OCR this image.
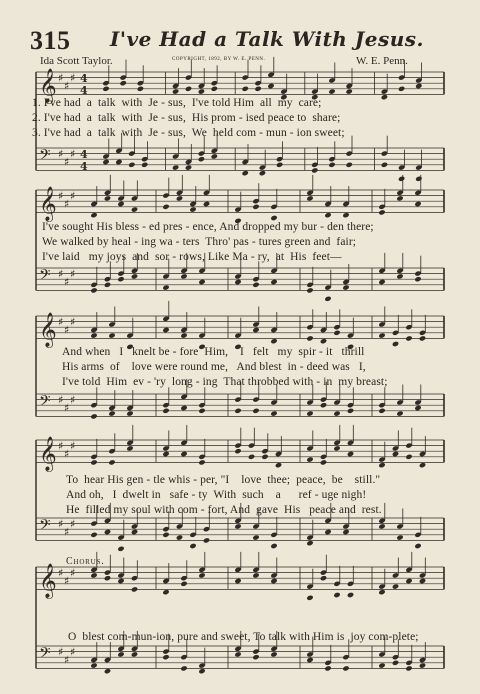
𝄞 ♯
♯
♯ 4
4
𝄢 ♯
♯
♯ 4
4
𝄞 ♯
♯
♯
𝄢 ♯
♯
♯
𝄞 ♯
♯
♯
𝄢 ♯
♯
♯
𝄞 ♯
♯
♯
𝄢 ♯
♯
♯
𝄞 ♯
♯
♯
𝄢 ♯
♯
♯
315 I've Had a Talk With Jesus.
Ida Scott Taylor.	COPYRIGHT, 1892, BY W. E. PENN.	W. E. Penn.
1. I've had  a  talk  with  Je - sus,  I've told Him  all  my  care;
2. I've had  a  talk  with  Je - sus,  His prom - ised peace to  share;
3. I've had  a  talk  with  Je - sus,  We  held com - mun - ion sweet;
I've sought His bless - ed pres - ence, And dropped my bur - den there;
We walked by heal - ing wa - ters  Thro' pas - tures green and  fair;
I've laid   my joys  and  sor - rows, Like Ma - ry,  at  His  feet—
And when   I   knelt be - fore  Him,    I   felt   my  spir - it   thrill
His arms  of    love were round me,   And blest  in - deed was   I,
I've told  Him  ev - 'ry  long - ing  That throbbed with - in  my breast;
To  hear His gen - tle whis - per, "I    love  thee;  peace,  be    still."
And oh,   I  dwelt in   safe - ty  With  such    a      ref - uge nigh!
He  filled my soul with com - fort, And  gave  His   peace and  rest.
Chorus.
O  blest com-mun-ion, pure and sweet, To talk with Him is  joy com-plete;
